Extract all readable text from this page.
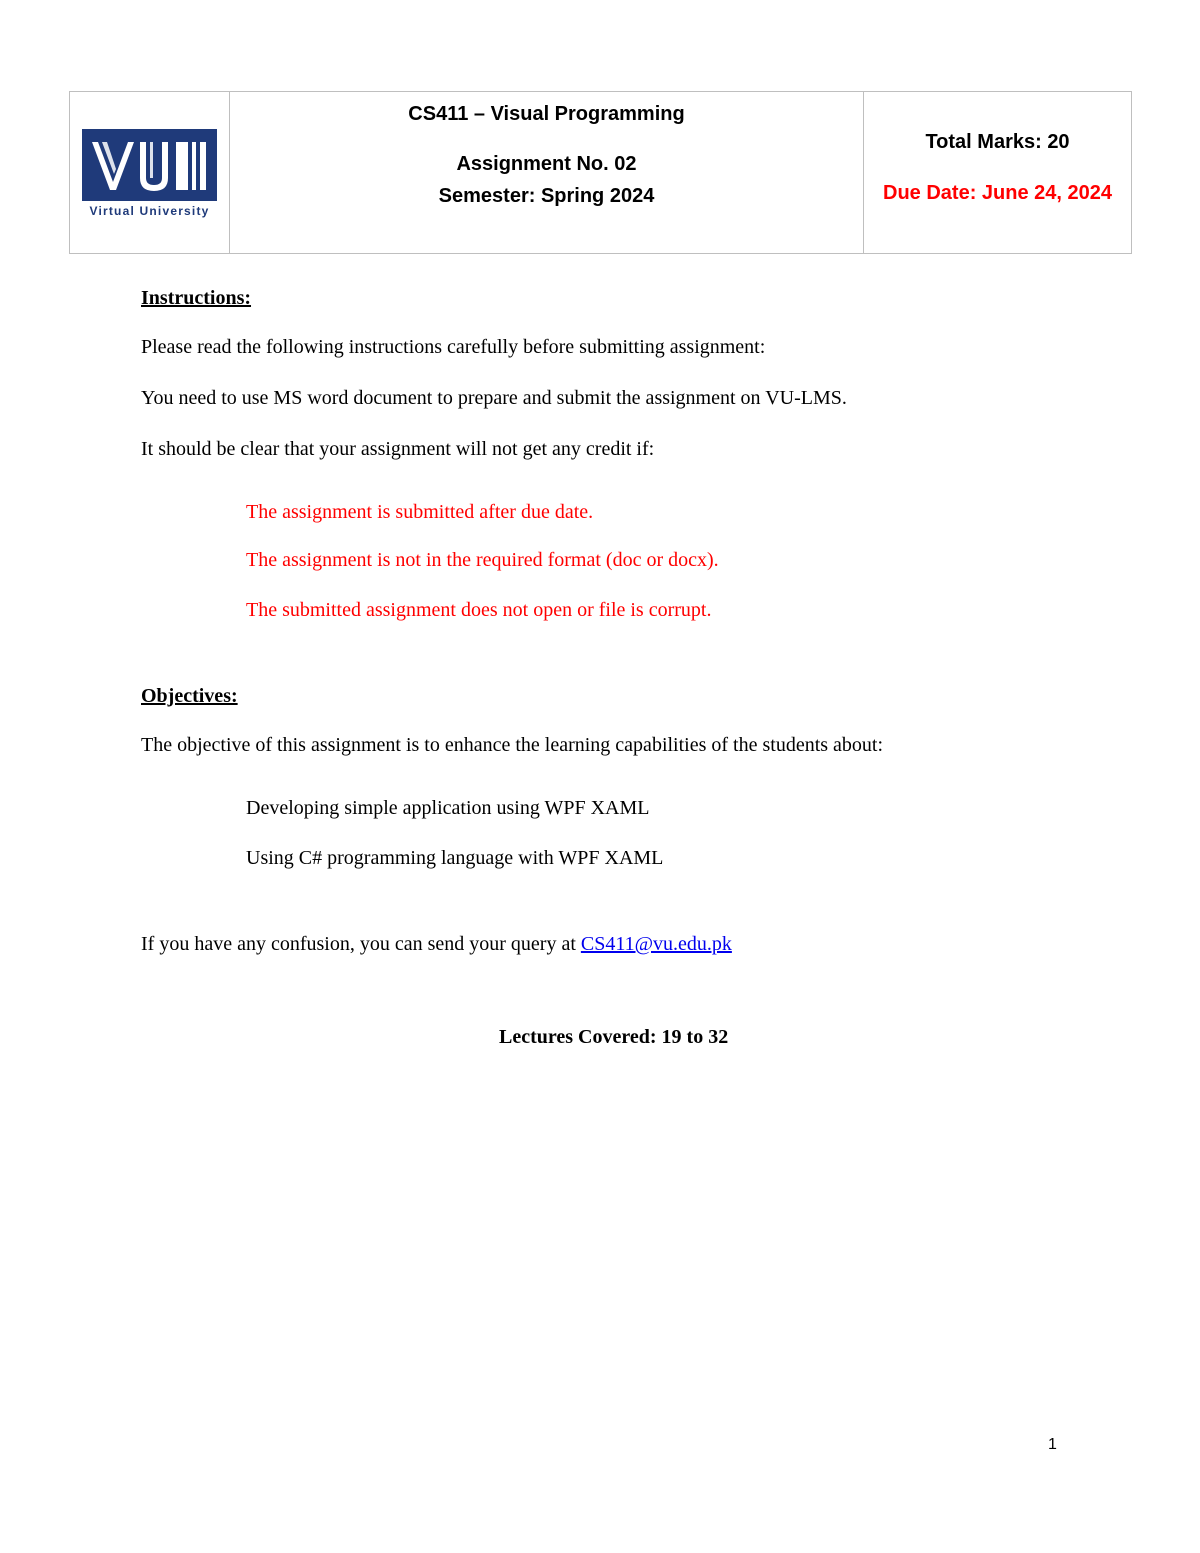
Virtual University

CS411 – Visual Programming
Assignment No. 02
Semester: Spring 2024

Total Marks: 20
Due Date: June 24, 2024
Instructions:
Please read the following instructions carefully before submitting assignment:
You need to use MS word document to prepare and submit the assignment on VU-LMS.
It should be clear that your assignment will not get any credit if:
The assignment is submitted after due date.
The assignment is not in the required format (doc or docx).
The submitted assignment does not open or file is corrupt.
Objectives:
The objective of this assignment is to enhance the learning capabilities of the students about:
Developing simple application using WPF XAML
Using C# programming language with WPF XAML
If you have any confusion, you can send your query at CS411@vu.edu.pk
Lectures Covered: 19 to 32
1
